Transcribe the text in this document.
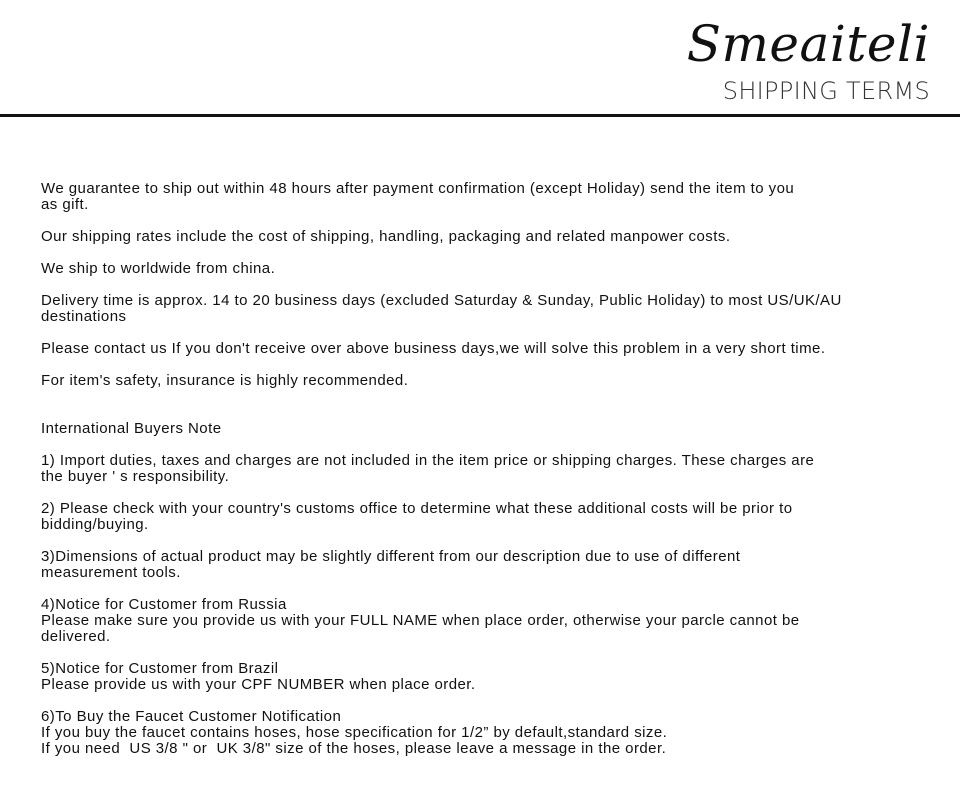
Smeaiteli
SHIPPING TERMS

We guarantee to ship out within 48 hours after payment confirmation (except Holiday) send the item to you
as gift.

Our shipping rates include the cost of shipping, handling, packaging and related manpower costs.

We ship to worldwide from china.

Delivery time is approx. 14 to 20 business days (excluded Saturday & Sunday, Public Holiday) to most US/UK/AU
destinations

Please contact us If you don't receive over above business days,we will solve this problem in a very short time.

For item's safety, insurance is highly recommended.

International Buyers Note

1) Import duties, taxes and charges are not included in the item price or shipping charges. These charges are
the buyer ' s responsibility.

2) Please check with your country's customs office to determine what these additional costs will be prior to
bidding/buying.

3)Dimensions of actual product may be slightly different from our description due to use of different
measurement tools.

4)Notice for Customer from Russia
Please make sure you provide us with your FULL NAME when place order, otherwise your parcle cannot be
delivered.

5)Notice for Customer from Brazil
Please provide us with your CPF NUMBER when place order.

6)To Buy the Faucet Customer Notification
If you buy the faucet contains hoses, hose specification for 1/2” by default,standard size.
If you need  US 3/8 " or  UK 3/8" size of the hoses, please leave a message in the order.
